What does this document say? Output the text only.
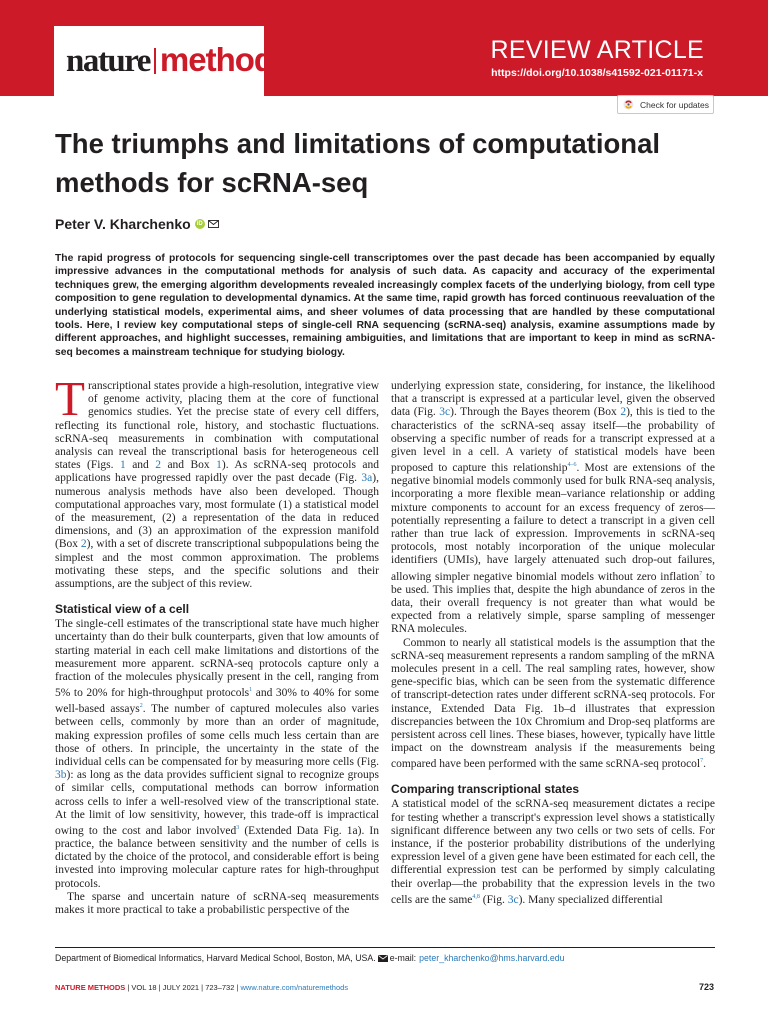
nature methods	REVIEW ARTICLE
https://doi.org/10.1038/s41592-021-01171-x
Check for updates
The triumphs and limitations of computational methods for scRNA-seq
Peter V. Kharchenko	iD

The rapid progress of protocols for sequencing single-cell transcriptomes over the past decade has been accompanied by equally impressive advances in the computational methods for analysis of such data. As capacity and accuracy of the experimental techniques grew, the emerging algorithm developments revealed increasingly complex facets of the underlying biology, from cell type composition to gene regulation to developmental dynamics. At the same time, rapid growth has forced continuous reevaluation of the underlying statistical models, experimental aims, and sheer volumes of data processing that are handled by these computational tools. Here, I review key computational steps of single-cell RNA sequencing (scRNA-seq) analysis, examine assumptions made by different approaches, and highlight successes, remaining ambiguities, and limitations that are important to keep in mind as scRNA-seq becomes a mainstream technique for studying biology.

Transcriptional states provide a high-resolution, integrative view of genome activity, placing them at the core of functional genomics studies. Yet the precise state of every cell differs, reflecting its functional role, history, and stochastic fluctuations. scRNA-seq measurements in combination with computational analysis can reveal the transcriptional basis for heterogeneous cell states (Figs. 1 and 2 and Box 1). As scRNA-seq protocols and applications have progressed rapidly over the past decade (Fig. 3a), numerous analysis methods have also been developed. Though computational approaches vary, most formulate (1) a statistical model of the measurement, (2) a representation of the data in reduced dimensions, and (3) an approximation of the expression manifold (Box 2), with a set of discrete transcriptional subpopulations being the simplest and the most common approximation. The problems motivating these steps, and the specific solutions and their assumptions, are the subject of this review.

Statistical view of a cell

The single-cell estimates of the transcriptional state have much higher uncertainty than do their bulk counterparts, given that low amounts of starting material in each cell make limitations and distortions of the measurement more apparent. scRNA-seq protocols capture only a fraction of the molecules physically present in the cell, ranging from 5% to 20% for high-throughput protocols$^1$ and 30% to 40% for some well-based assays$^2$. The number of captured molecules also varies between cells, commonly by more than an order of magnitude, making expression profiles of some cells much less certain than are those of others. In principle, the uncertainty in the state of the individual cells can be compensated for by measuring more cells (Fig. 3b): as long as the data provides sufficient signal to recognize groups of similar cells, computational methods can borrow information across cells to infer a well-resolved view of the transcriptional state. At the limit of low sensitivity, however, this trade-off is impractical owing to the cost and labor involved$^3$ (Extended Data Fig. 1a). In practice, the balance between sensitivity and the number of cells is dictated by the choice of the protocol, and considerable effort is being invested into improving molecular capture rates for high-throughput protocols.

The sparse and uncertain nature of scRNA-seq measurements makes it more practical to take a probabilistic perspective of the

underlying expression state, considering, for instance, the likelihood that a transcript is expressed at a particular level, given the observed data (Fig. 3c). Through the Bayes theorem (Box 2), this is tied to the characteristics of the scRNA-seq assay itself—the probability of observing a specific number of reads for a transcript expressed at a given level in a cell. A variety of statistical models have been proposed to capture this relationship$^{4-6}$. Most are extensions of the negative binomial models commonly used for bulk RNA-seq analysis, incorporating a more flexible mean–variance relationship or adding mixture components to account for an excess frequency of zeros—potentially representing a failure to detect a transcript in a given cell rather than true lack of expression. Improvements in scRNA-seq protocols, most notably incorporation of the unique molecular identifiers (UMIs), have largely attenuated such drop-out failures, allowing simpler negative binomial models without zero inflation$^7$ to be used. This implies that, despite the high abundance of zeros in the data, their overall frequency is not greater than what would be expected from a relatively simple, sparse sampling of messenger RNA molecules.

Common to nearly all statistical models is the assumption that the scRNA-seq measurement represents a random sampling of the mRNA molecules present in a cell. The real sampling rates, however, show gene-specific bias, which can be seen from the systematic difference of transcript-detection rates under different scRNA-seq protocols. For instance, Extended Data Fig. 1b–d illustrates that expression discrepancies between the 10x Chromium and Drop-seq platforms are persistent across cell lines. These biases, however, typically have little impact on the downstream analysis if the measurements being compared have been performed with the same scRNA-seq protocol$^7$.

Comparing transcriptional states

A statistical model of the scRNA-seq measurement dictates a recipe for testing whether a transcript's expression level shows a statistically significant difference between any two cells or two sets of cells. For instance, if the posterior probability distributions of the underlying expression level of a given gene have been estimated for each cell, the differential expression test can be performed by simply calculating their overlap—the probability that the expression levels in the two cells are the same$^{4,8}$ (Fig. 3c). Many specialized differential

Department of Biomedical Informatics, Harvard Medical School, Boston, MA, USA. e-mail: peter_kharchenko@hms.harvard.edu
NATURE METHODS | VOL 18 | JULY 2021 | 723–732 | www.nature.com/naturemethods	723
